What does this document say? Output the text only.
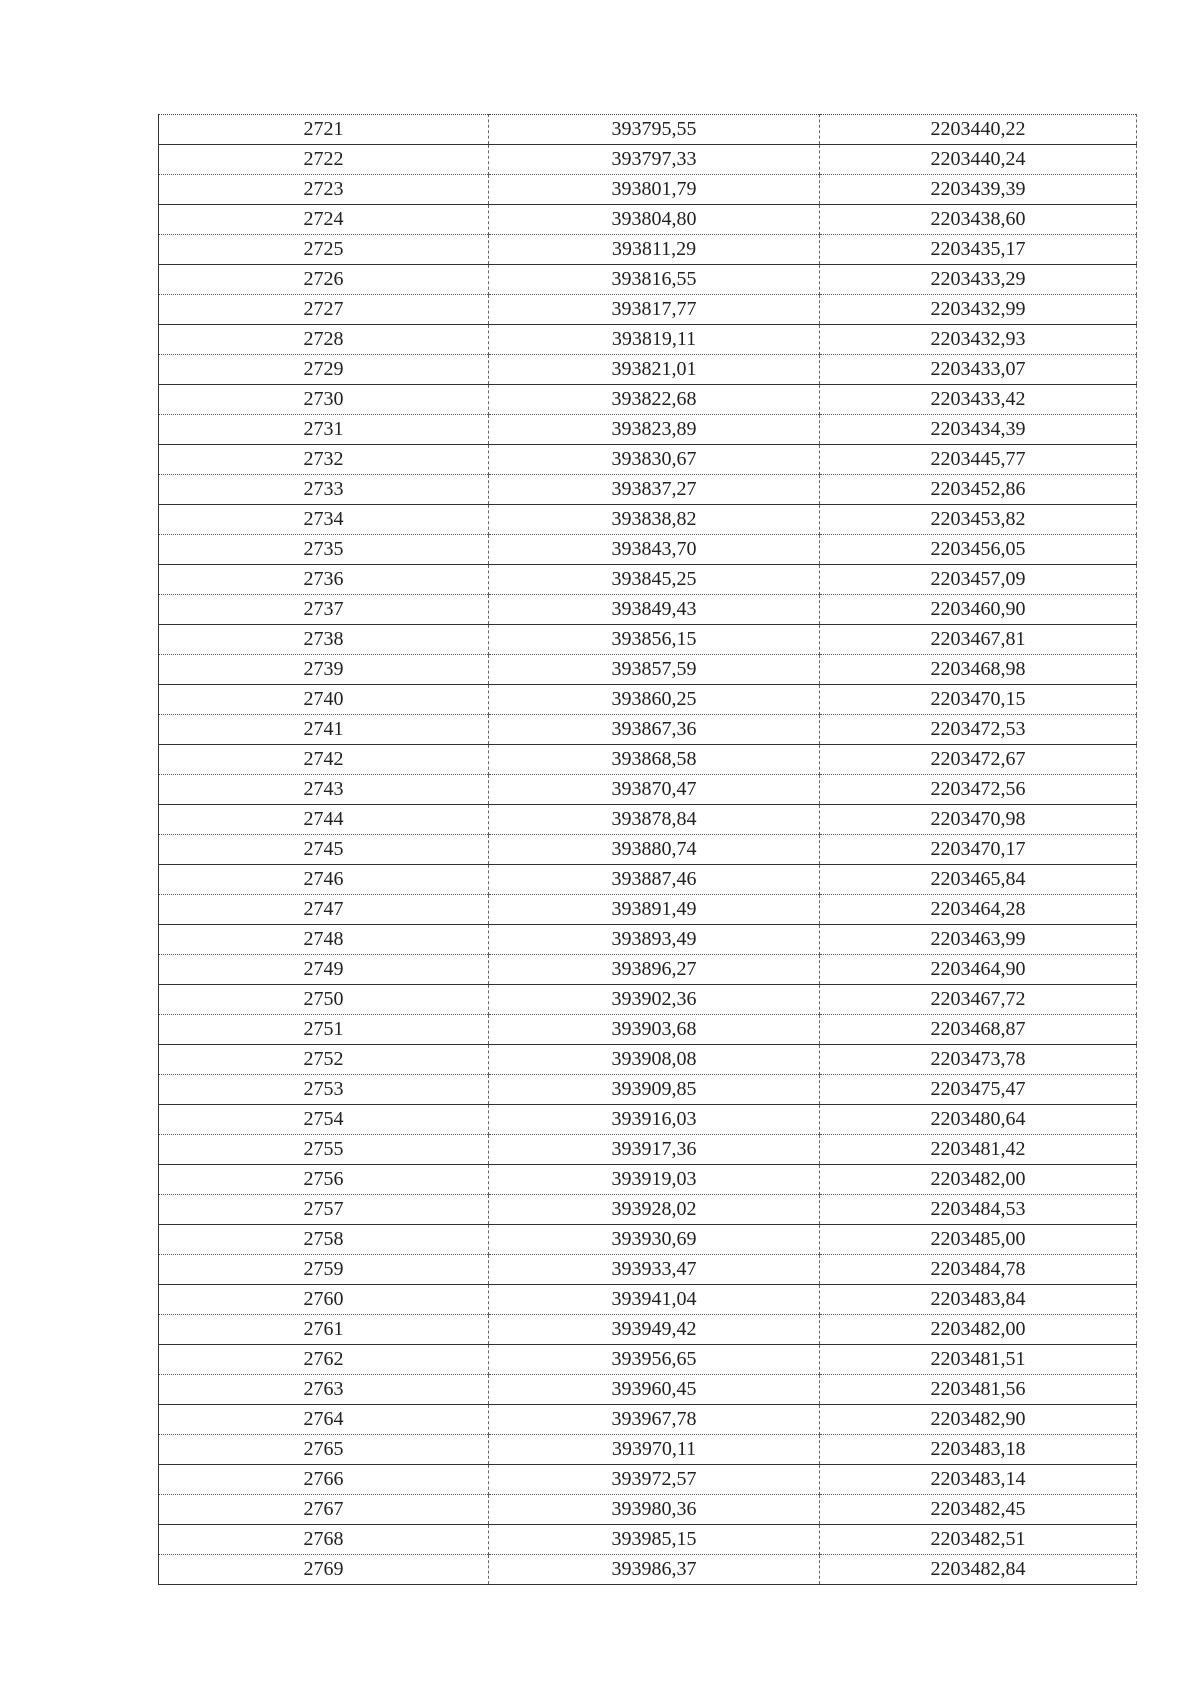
2721	393795,55	2203440,22
2722	393797,33	2203440,24
2723	393801,79	2203439,39
2724	393804,80	2203438,60
2725	393811,29	2203435,17
2726	393816,55	2203433,29
2727	393817,77	2203432,99
2728	393819,11	2203432,93
2729	393821,01	2203433,07
2730	393822,68	2203433,42
2731	393823,89	2203434,39
2732	393830,67	2203445,77
2733	393837,27	2203452,86
2734	393838,82	2203453,82
2735	393843,70	2203456,05
2736	393845,25	2203457,09
2737	393849,43	2203460,90
2738	393856,15	2203467,81
2739	393857,59	2203468,98
2740	393860,25	2203470,15
2741	393867,36	2203472,53
2742	393868,58	2203472,67
2743	393870,47	2203472,56
2744	393878,84	2203470,98
2745	393880,74	2203470,17
2746	393887,46	2203465,84
2747	393891,49	2203464,28
2748	393893,49	2203463,99
2749	393896,27	2203464,90
2750	393902,36	2203467,72
2751	393903,68	2203468,87
2752	393908,08	2203473,78
2753	393909,85	2203475,47
2754	393916,03	2203480,64
2755	393917,36	2203481,42
2756	393919,03	2203482,00
2757	393928,02	2203484,53
2758	393930,69	2203485,00
2759	393933,47	2203484,78
2760	393941,04	2203483,84
2761	393949,42	2203482,00
2762	393956,65	2203481,51
2763	393960,45	2203481,56
2764	393967,78	2203482,90
2765	393970,11	2203483,18
2766	393972,57	2203483,14
2767	393980,36	2203482,45
2768	393985,15	2203482,51
2769	393986,37	2203482,84
